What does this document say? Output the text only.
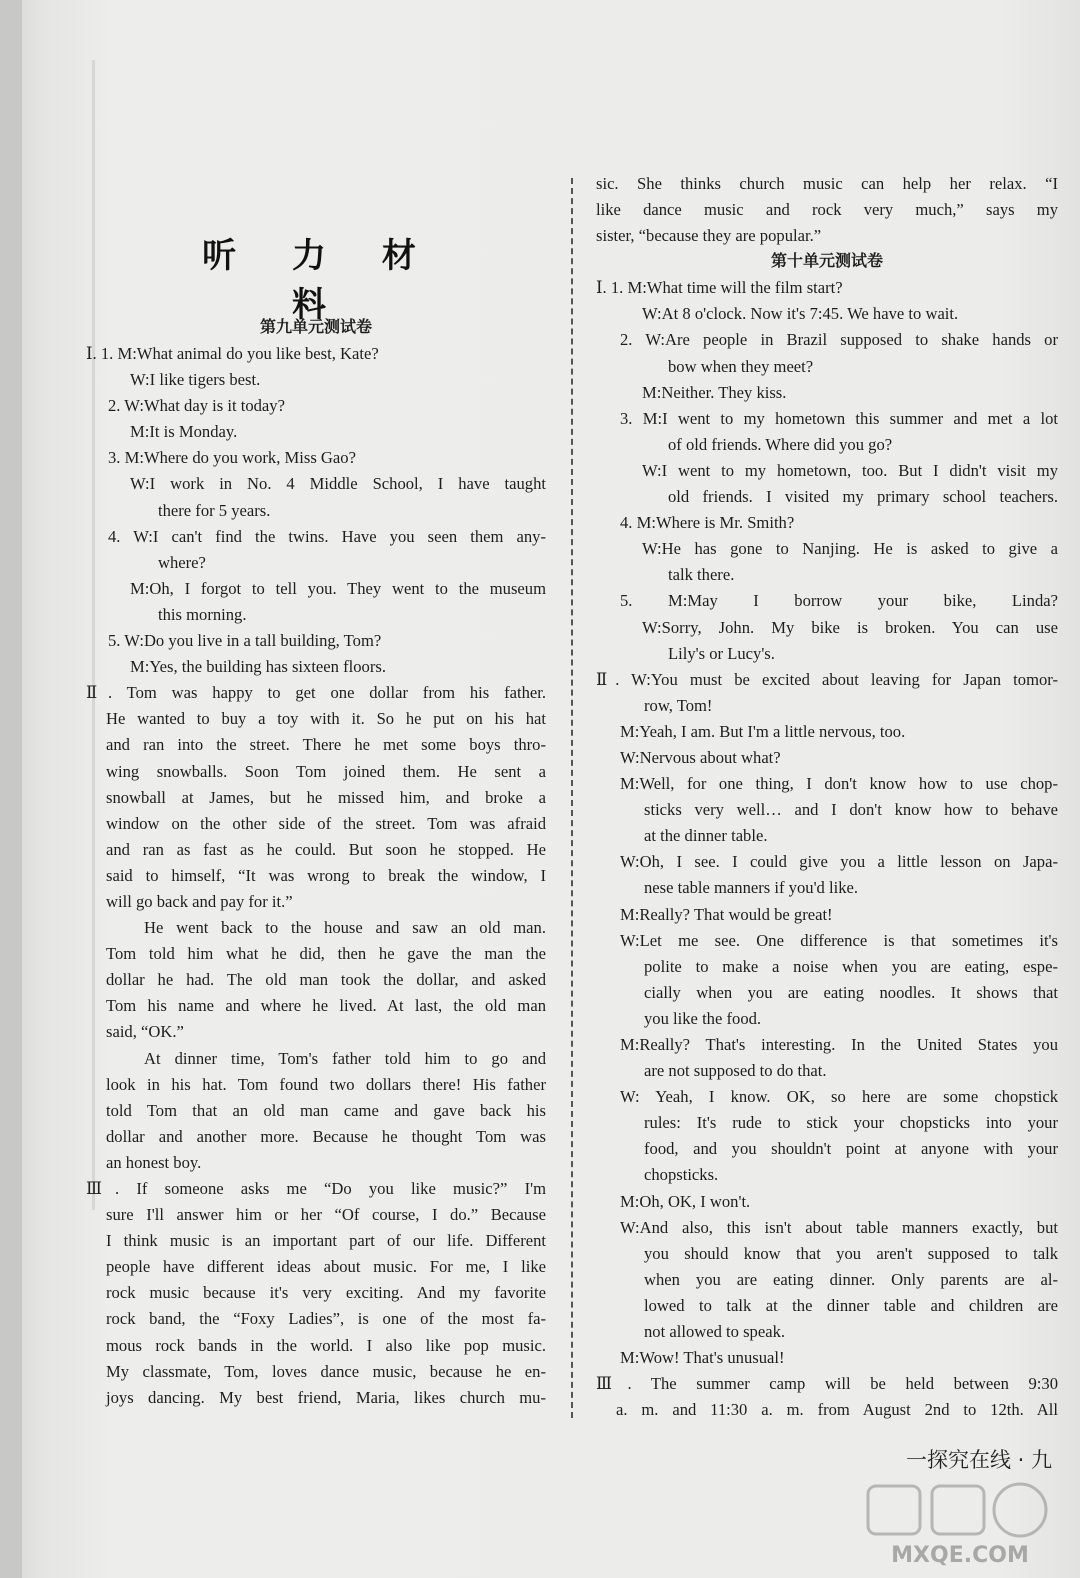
听 力 材 料
第九单元测试卷
Ⅰ. 1. M:What animal do you like best, Kate?
W:I like tigers best.
2. W:What day is it today?
M:It is Monday.
3. M:Where do you work, Miss Gao?
W:I work in No. 4 Middle School, I have taught
there for 5 years.
4. W:I can't find the twins. Have you seen them any-
where?
M:Oh, I forgot to tell you. They went to the museum
this morning.
5. W:Do you live in a tall building, Tom?
M:Yes, the building has sixteen floors.
Ⅱ. Tom was happy to get one dollar from his father.
He wanted to buy a toy with it. So he put on his hat
and ran into the street. There he met some boys thro-
wing snowballs. Soon Tom joined them. He sent a
snowball at James, but he missed him, and broke a
window on the other side of the street. Tom was afraid
and ran as fast as he could. But soon he stopped. He
said to himself, “It was wrong to break the window, I
will go back and pay for it.”
He went back to the house and saw an old man.
Tom told him what he did, then he gave the man the
dollar he had. The old man took the dollar, and asked
Tom his name and where he lived. At last, the old man
said, “OK.”
At dinner time, Tom's father told him to go and
look in his hat. Tom found two dollars there! His father
told Tom that an old man came and gave back his
dollar and another more. Because he thought Tom was
an honest boy.
Ⅲ. If someone asks me “Do you like music?” I'm
sure I'll answer him or her “Of course, I do.” Because
I think music is an important part of our life. Different
people have different ideas about music. For me, I like
rock music because it's very exciting. And my favorite
rock band, the “Foxy Ladies”, is one of the most fa-
mous rock bands in the world. I also like pop music.
My classmate, Tom, loves dance music, because he en-
joys dancing. My best friend, Maria, likes church mu-
sic. She thinks church music can help her relax. “I
like dance music and rock very much,” says my
sister, “because they are popular.”
第十单元测试卷
Ⅰ. 1. M:What time will the film start?
W:At 8 o'clock. Now it's 7:45. We have to wait.
2. W:Are people in Brazil supposed to shake hands or
bow when they meet?
M:Neither. They kiss.
3. M:I went to my hometown this summer and met a lot
of old friends. Where did you go?
W:I went to my hometown, too. But I didn't visit my
old friends. I visited my primary school teachers.
4. M:Where is Mr. Smith?
W:He has gone to Nanjing. He is asked to give a
talk there.
5. M:May I borrow your bike, Linda?
W:Sorry, John. My bike is broken. You can use
Lily's or Lucy's.
Ⅱ. W:You must be excited about leaving for Japan tomor-
row, Tom!
M:Yeah, I am. But I'm a little nervous, too.
W:Nervous about what?
M:Well, for one thing, I don't know how to use chop-
sticks very well… and I don't know how to behave
at the dinner table.
W:Oh, I see. I could give you a little lesson on Japa-
nese table manners if you'd like.
M:Really? That would be great!
W:Let me see. One difference is that sometimes it's
polite to make a noise when you are eating, espe-
cially when you are eating noodles. It shows that
you like the food.
M:Really? That's interesting. In the United States you
are not supposed to do that.
W: Yeah, I know. OK, so here are some chopstick
rules: It's rude to stick your chopsticks into your
food, and you shouldn't point at anyone with your
chopsticks.
M:Oh, OK, I won't.
W:And also, this isn't about table manners exactly, but
you should know that you aren't supposed to talk
when you are eating dinner. Only parents are al-
lowed to talk at the dinner table and children are
not allowed to speak.
M:Wow! That's unusual!
Ⅲ. The summer camp will be held between 9:30
a. m. and 11:30 a. m. from August 2nd to 12th. All
一探究在线 · 九
MXQE.COM
